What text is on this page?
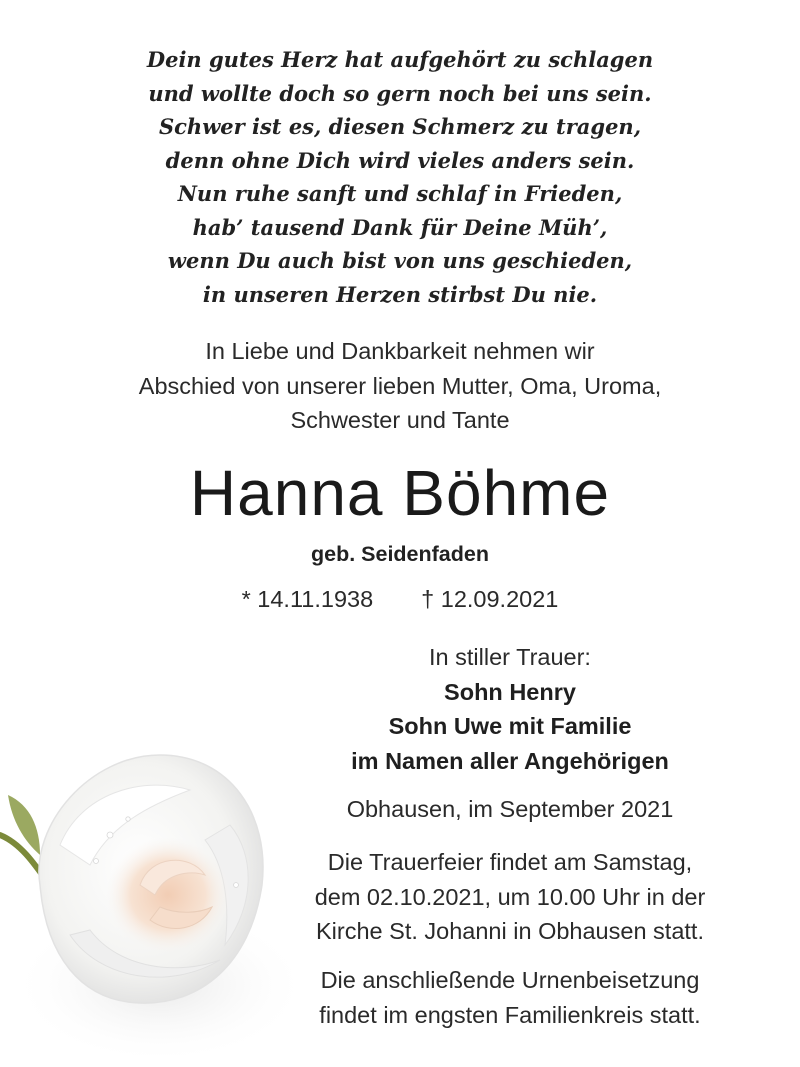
Dein gutes Herz hat aufgehört zu schlagen
und wollte doch so gern noch bei uns sein.
Schwer ist es, diesen Schmerz zu tragen,
denn ohne Dich wird vieles anders sein.
Nun ruhe sanft und schlaf in Frieden,
hab’ tausend Dank für Deine Müh’,
wenn Du auch bist von uns geschieden,
in unseren Herzen stirbst Du nie.
In Liebe und Dankbarkeit nehmen wir
Abschied von unserer lieben Mutter, Oma, Uroma,
Schwester und Tante
Hanna Böhme
geb. Seidenfaden
* 14.11.1938 † 12.09.2021
In stiller Trauer:
Sohn Henry
Sohn Uwe mit Familie
im Namen aller Angehörigen
Obhausen, im September 2021
Die Trauerfeier findet am Samstag,
dem 02.10.2021, um 10.00 Uhr in der
Kirche St. Johanni in Obhausen statt.
Die anschließende Urnenbeisetzung
findet im engsten Familienkreis statt.
